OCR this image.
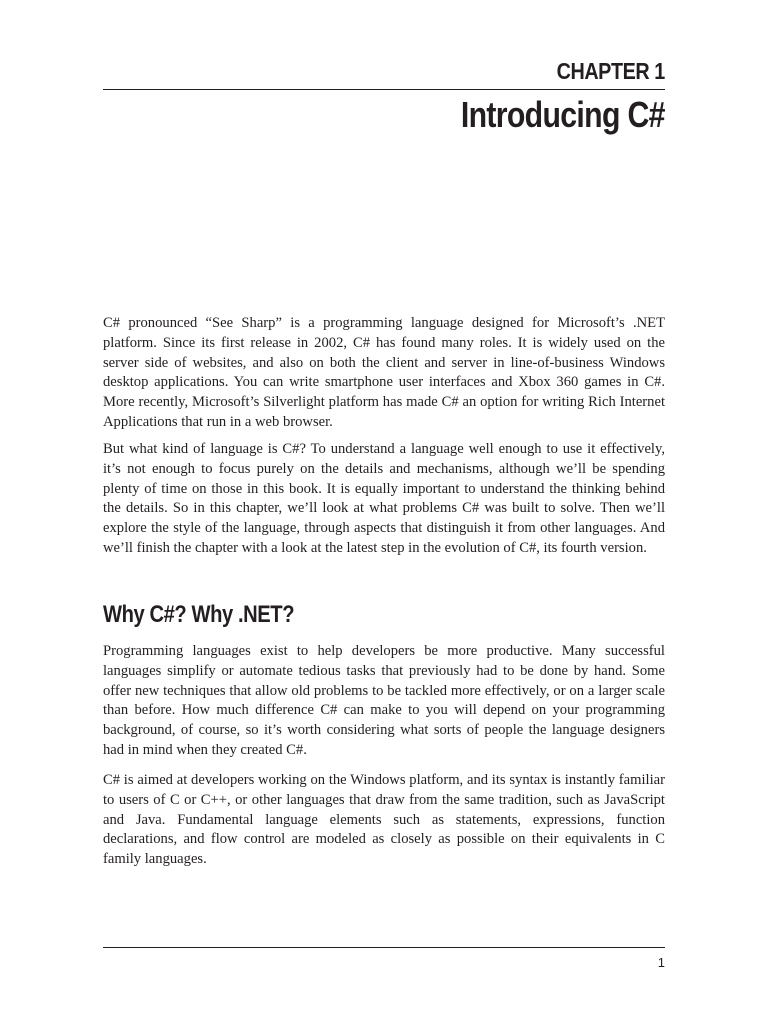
CHAPTER 1
Introducing C#

C# pronounced “See Sharp” is a programming language designed for Microsoft’s .NET platform. Since its first release in 2002, C# has found many roles. It is widely used on the server side of websites, and also on both the client and server in line-of-business Windows desktop applications. You can write smartphone user interfaces and Xbox 360 games in C#. More recently, Microsoft’s Silverlight platform has made C# an option for writing Rich Internet Applications that run in a web browser.

But what kind of language is C#? To understand a language well enough to use it effectively, it’s not enough to focus purely on the details and mechanisms, although we’ll be spending plenty of time on those in this book. It is equally important to understand the thinking behind the details. So in this chapter, we’ll look at what problems C# was built to solve. Then we’ll explore the style of the language, through aspects that distinguish it from other languages. And we’ll finish the chapter with a look at the latest step in the evolution of C#, its fourth version.

Why C#? Why .NET?

Programming languages exist to help developers be more productive. Many successful languages simplify or automate tedious tasks that previously had to be done by hand. Some offer new techniques that allow old problems to be tackled more effectively, or on a larger scale than before. How much difference C# can make to you will depend on your programming background, of course, so it’s worth considering what sorts of people the language designers had in mind when they created C#.

C# is aimed at developers working on the Windows platform, and its syntax is instantly familiar to users of C or C++, or other languages that draw from the same tradition, such as JavaScript and Java. Fundamental language elements such as statements, expressions, function declarations, and flow control are modeled as closely as possible on their equivalents in C family languages.

1
